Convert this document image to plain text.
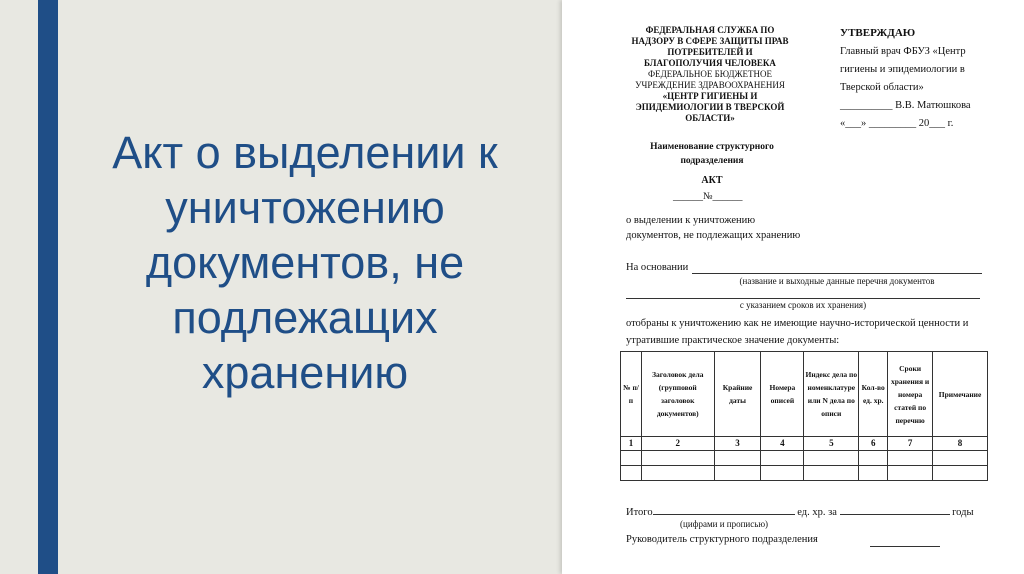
Акт о выделении к уничтожению документов, не подлежащих хранению
ФЕДЕРАЛЬНАЯ СЛУЖБА ПО
НАДЗОРУ В СФЕРЕ ЗАЩИТЫ ПРАВ
ПОТРЕБИТЕЛЕЙ И
БЛАГОПОЛУЧИЯ ЧЕЛОВЕКА
ФЕДЕРАЛЬНОЕ БЮДЖЕТНОЕ
УЧРЕЖДЕНИЕ ЗДРАВООХРАНЕНИЯ
«ЦЕНТР ГИГИЕНЫ И
ЭПИДЕМИОЛОГИИ В ТВЕРСКОЙ
ОБЛАСТИ»
УТВЕРЖДАЮ
Главный врач ФБУЗ «Центр
гигиены и эпидемиологии в
Тверской области»
__________ В.В. Матюшкова
«___» _________ 20___ г.
Наименование структурного
подразделения
АКТ
______№______
о выделении к уничтожению
документов, не подлежащих хранению
На основании
(название и выходные данные перечня документов
с указанием сроков их хранения)
отобраны к уничтожению как не имеющие научно-исторической ценности и
утратившие практическое значение документы:
№ п/п	Заголовок дела (групповой заголовок документов)	Крайние даты	Номера описей	Индекс дела по номенклатуре или N дела по описи	Кол-во ед. хр.	Сроки хранения и номера статей по перечню	Примечание
1	2	3	4	5	6	7	8

Итого	ед. хр. за	годы
(цифрами и прописью)
Руководитель структурного подразделения
